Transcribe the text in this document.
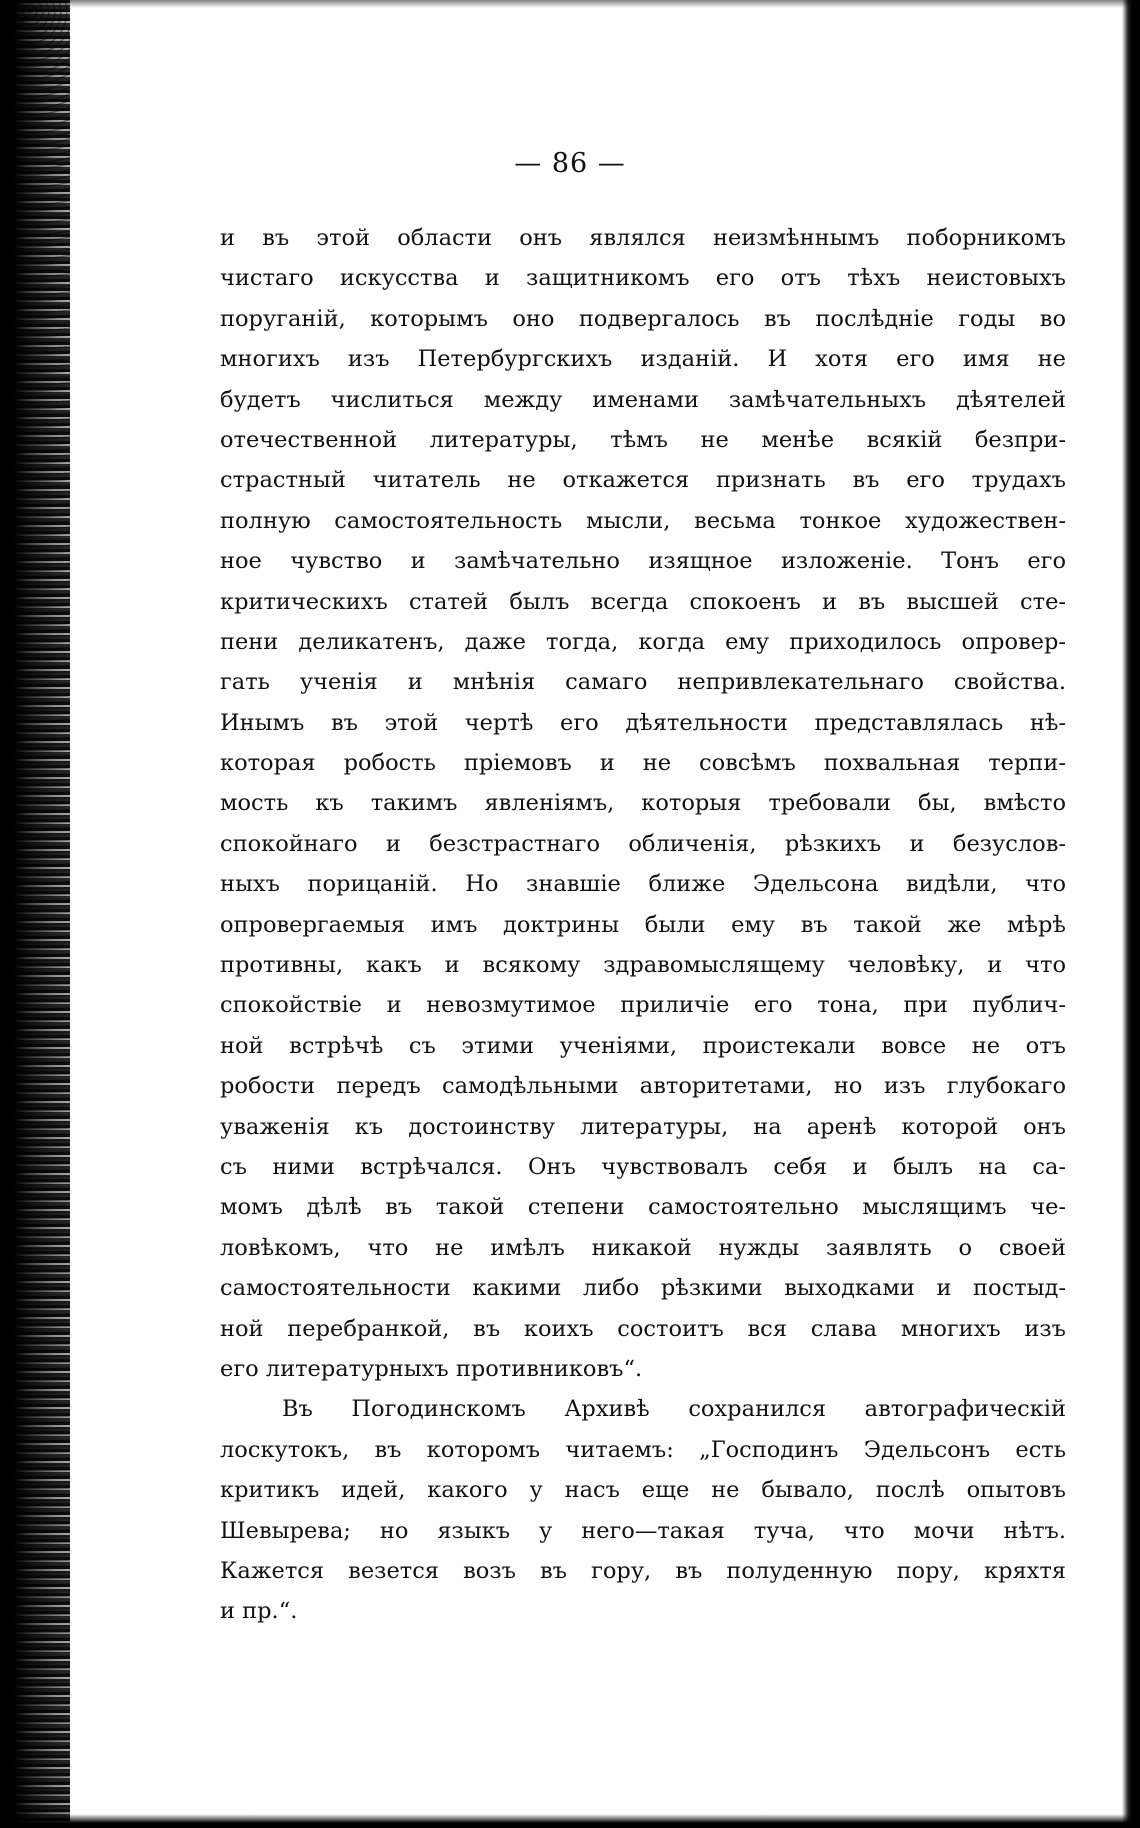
— 86 —
и въ этой области онъ являлся неизмѣннымъ поборникомъ
чистаго искусства и защитникомъ его отъ тѣхъ неистовыхъ
поруганій, которымъ оно подвергалось въ послѣдніе годы во
многихъ изъ Петербургскихъ изданій. И хотя его имя не
будетъ числиться между именами замѣчательныхъ дѣятелей
отечественной литературы, тѣмъ не менѣе всякій безпри-
страстный читатель не откажется признать въ его трудахъ
полную самостоятельность мысли, весьма тонкое художествен-
ное чувство и замѣчательно изящное изложеніе. Тонъ его
критическихъ статей былъ всегда спокоенъ и въ высшей сте-
пени деликатенъ, даже тогда, когда ему приходилось опровер-
гать ученія и мнѣнія самаго непривлекательнаго свойства.
Инымъ въ этой чертѣ его дѣятельности представлялась нѣ-
которая робость пріемовъ и не совсѣмъ похвальная терпи-
мость къ такимъ явленіямъ, которыя требовали бы, вмѣсто
спокойнаго и безстрастнаго обличенія, рѣзкихъ и безуслов-
ныхъ порицаній. Но знавшіе ближе Эдельсона видѣли, что
опровергаемыя имъ доктрины были ему въ такой же мѣрѣ
противны, какъ и всякому здравомыслящему человѣку, и что
спокойствіе и невозмутимое приличіе его тона, при публич-
ной встрѣчѣ съ этими ученіями, проистекали вовсе не отъ
робости передъ самодѣльными авторитетами, но изъ глубокаго
уваженія къ достоинству литературы, на аренѣ которой онъ
съ ними встрѣчался. Онъ чувствовалъ себя и былъ на са-
момъ дѣлѣ въ такой степени самостоятельно мыслящимъ че-
ловѣкомъ, что не имѣлъ никакой нужды заявлять о своей
самостоятельности какими либо рѣзкими выходками и постыд-
ной перебранкой, въ коихъ состоитъ вся слава многихъ изъ
его литературныхъ противниковъ“.
Въ Погодинскомъ Архивѣ сохранился автографическій
лоскутокъ, въ которомъ читаемъ: „Господинъ Эдельсонъ есть
критикъ идей, какого у насъ еще не бывало, послѣ опытовъ
Шевырева; но языкъ у него—такая туча, что мочи нѣтъ.
Кажется везется возъ въ гору, въ полуденную пору, кряхтя
и пр.“.
